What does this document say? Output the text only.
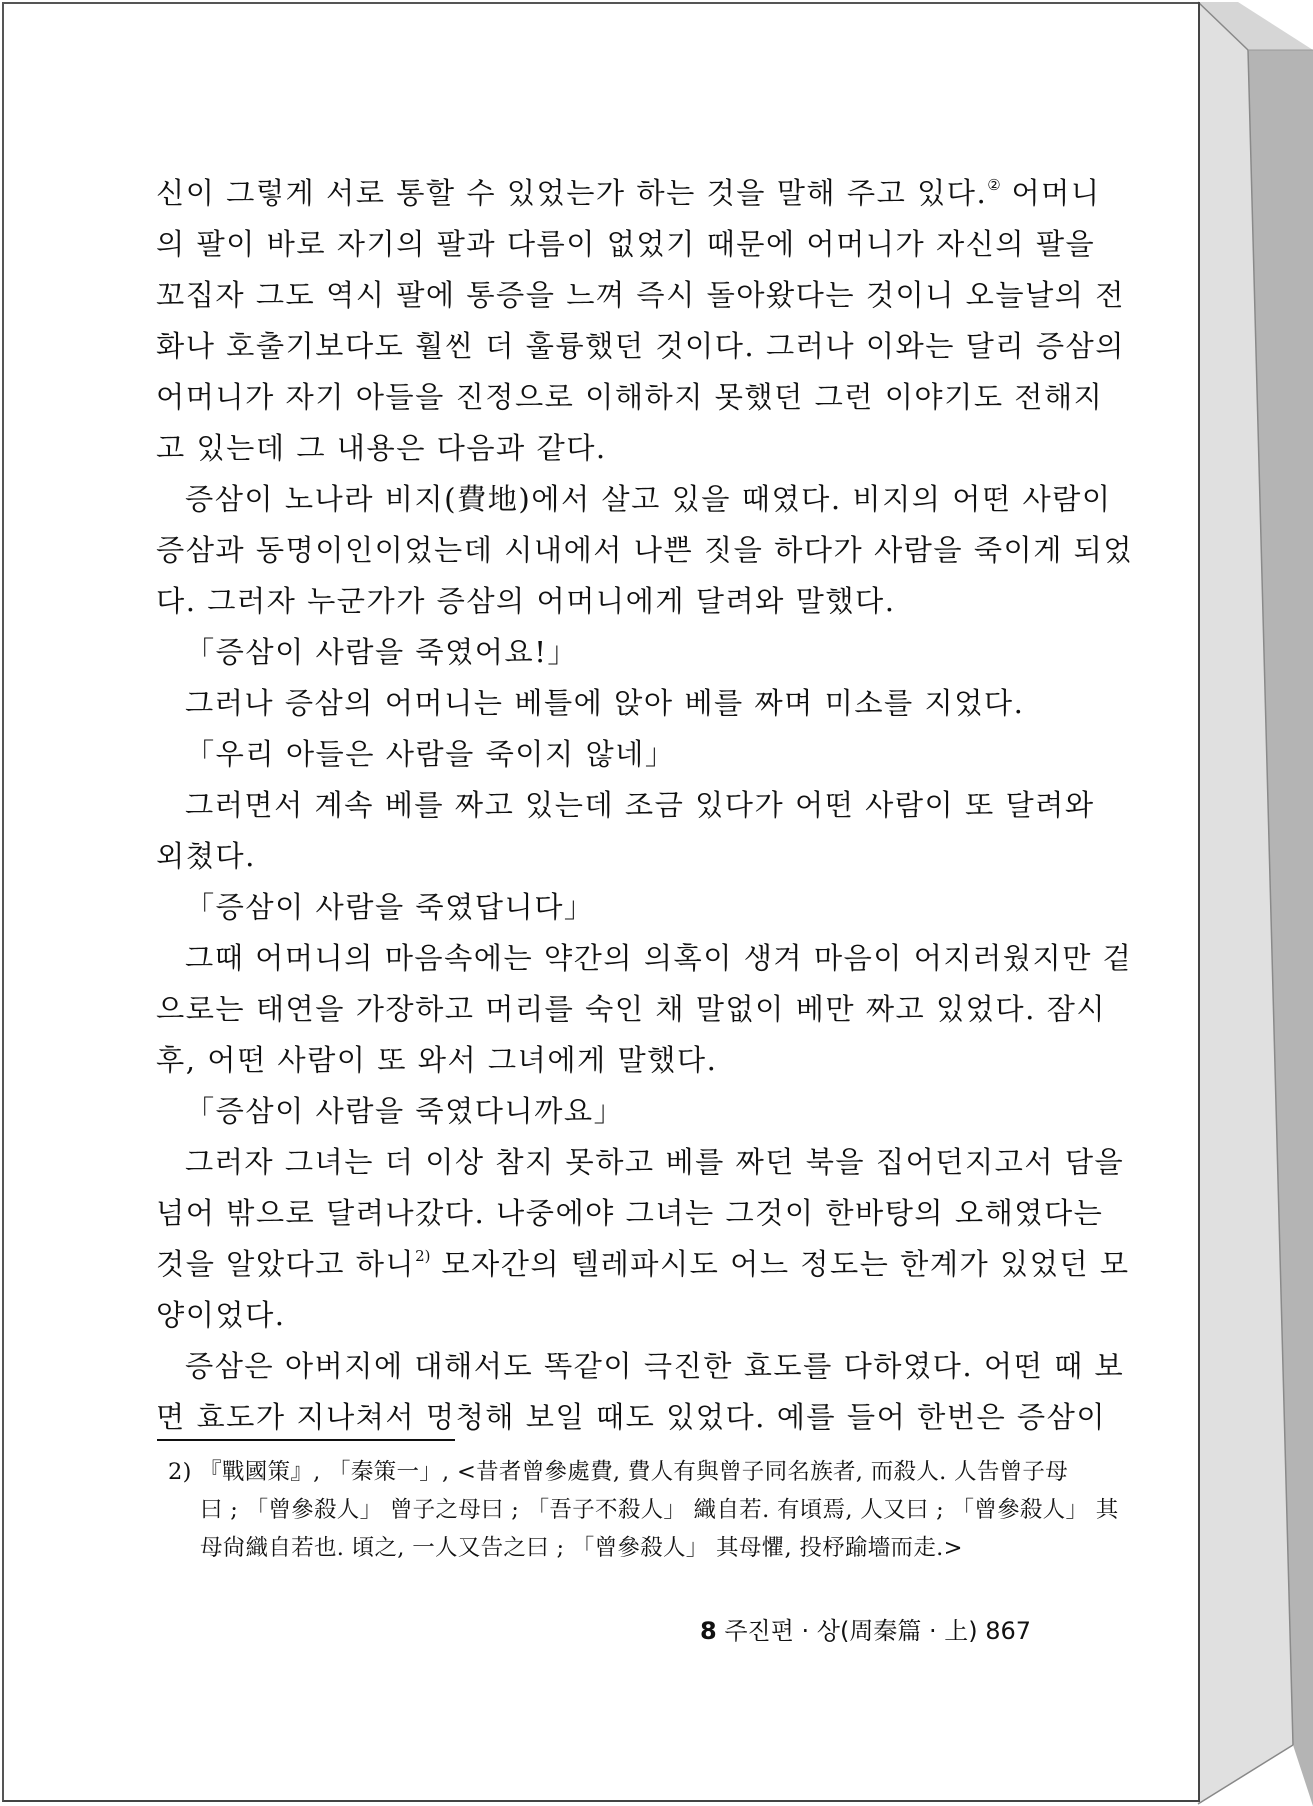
신이 그렇게 서로 통할 수 있었는가 하는 것을 말해 주고 있다.② 어머니
의 팔이 바로 자기의 팔과 다름이 없었기 때문에 어머니가 자신의 팔을
꼬집자 그도 역시 팔에 통증을 느껴 즉시 돌아왔다는 것이니 오늘날의 전
화나 호출기보다도 훨씬 더 훌륭했던 것이다. 그러나 이와는 달리 증삼의
어머니가 자기 아들을 진정으로 이해하지 못했던 그런 이야기도 전해지
고 있는데 그 내용은 다음과 같다.
증삼이 노나라 비지(費地)에서 살고 있을 때였다. 비지의 어떤 사람이
증삼과 동명이인이었는데 시내에서 나쁜 짓을 하다가 사람을 죽이게 되었
다. 그러자 누군가가 증삼의 어머니에게 달려와 말했다.
「증삼이 사람을 죽였어요!」
그러나 증삼의 어머니는 베틀에 앉아 베를 짜며 미소를 지었다.
「우리 아들은 사람을 죽이지 않네」
그러면서 계속 베를 짜고 있는데 조금 있다가 어떤 사람이 또 달려와
외쳤다.
「증삼이 사람을 죽였답니다」
그때 어머니의 마음속에는 약간의 의혹이 생겨 마음이 어지러웠지만 겉
으로는 태연을 가장하고 머리를 숙인 채 말없이 베만 짜고 있었다. 잠시
후, 어떤 사람이 또 와서 그녀에게 말했다.
「증삼이 사람을 죽였다니까요」
그러자 그녀는 더 이상 참지 못하고 베를 짜던 북을 집어던지고서 담을
넘어 밖으로 달려나갔다. 나중에야 그녀는 그것이 한바탕의 오해였다는
것을 알았다고 하니$^{2)}$ 모자간의 텔레파시도 어느 정도는 한계가 있었던 모
양이었다.
증삼은 아버지에 대해서도 똑같이 극진한 효도를 다하였다. 어떤 때 보
면 효도가 지나쳐서 멍청해 보일 때도 있었다. 예를 들어 한번은 증삼이
2) 『戰國策』, 「秦策一」, <昔者曾參處費, 費人有與曾子同名族者, 而殺人. 人告曾子母
曰 ; 「曾參殺人」 曾子之母曰 ; 「吾子不殺人」 織自若. 有頃焉, 人又曰 ; 「曾參殺人」 其
母尙織自若也. 頃之, 一人又告之曰 ; 「曾參殺人」 其母懼, 投杼踰墻而走.>
8 주진편 · 상(周秦篇 · 上) 867
